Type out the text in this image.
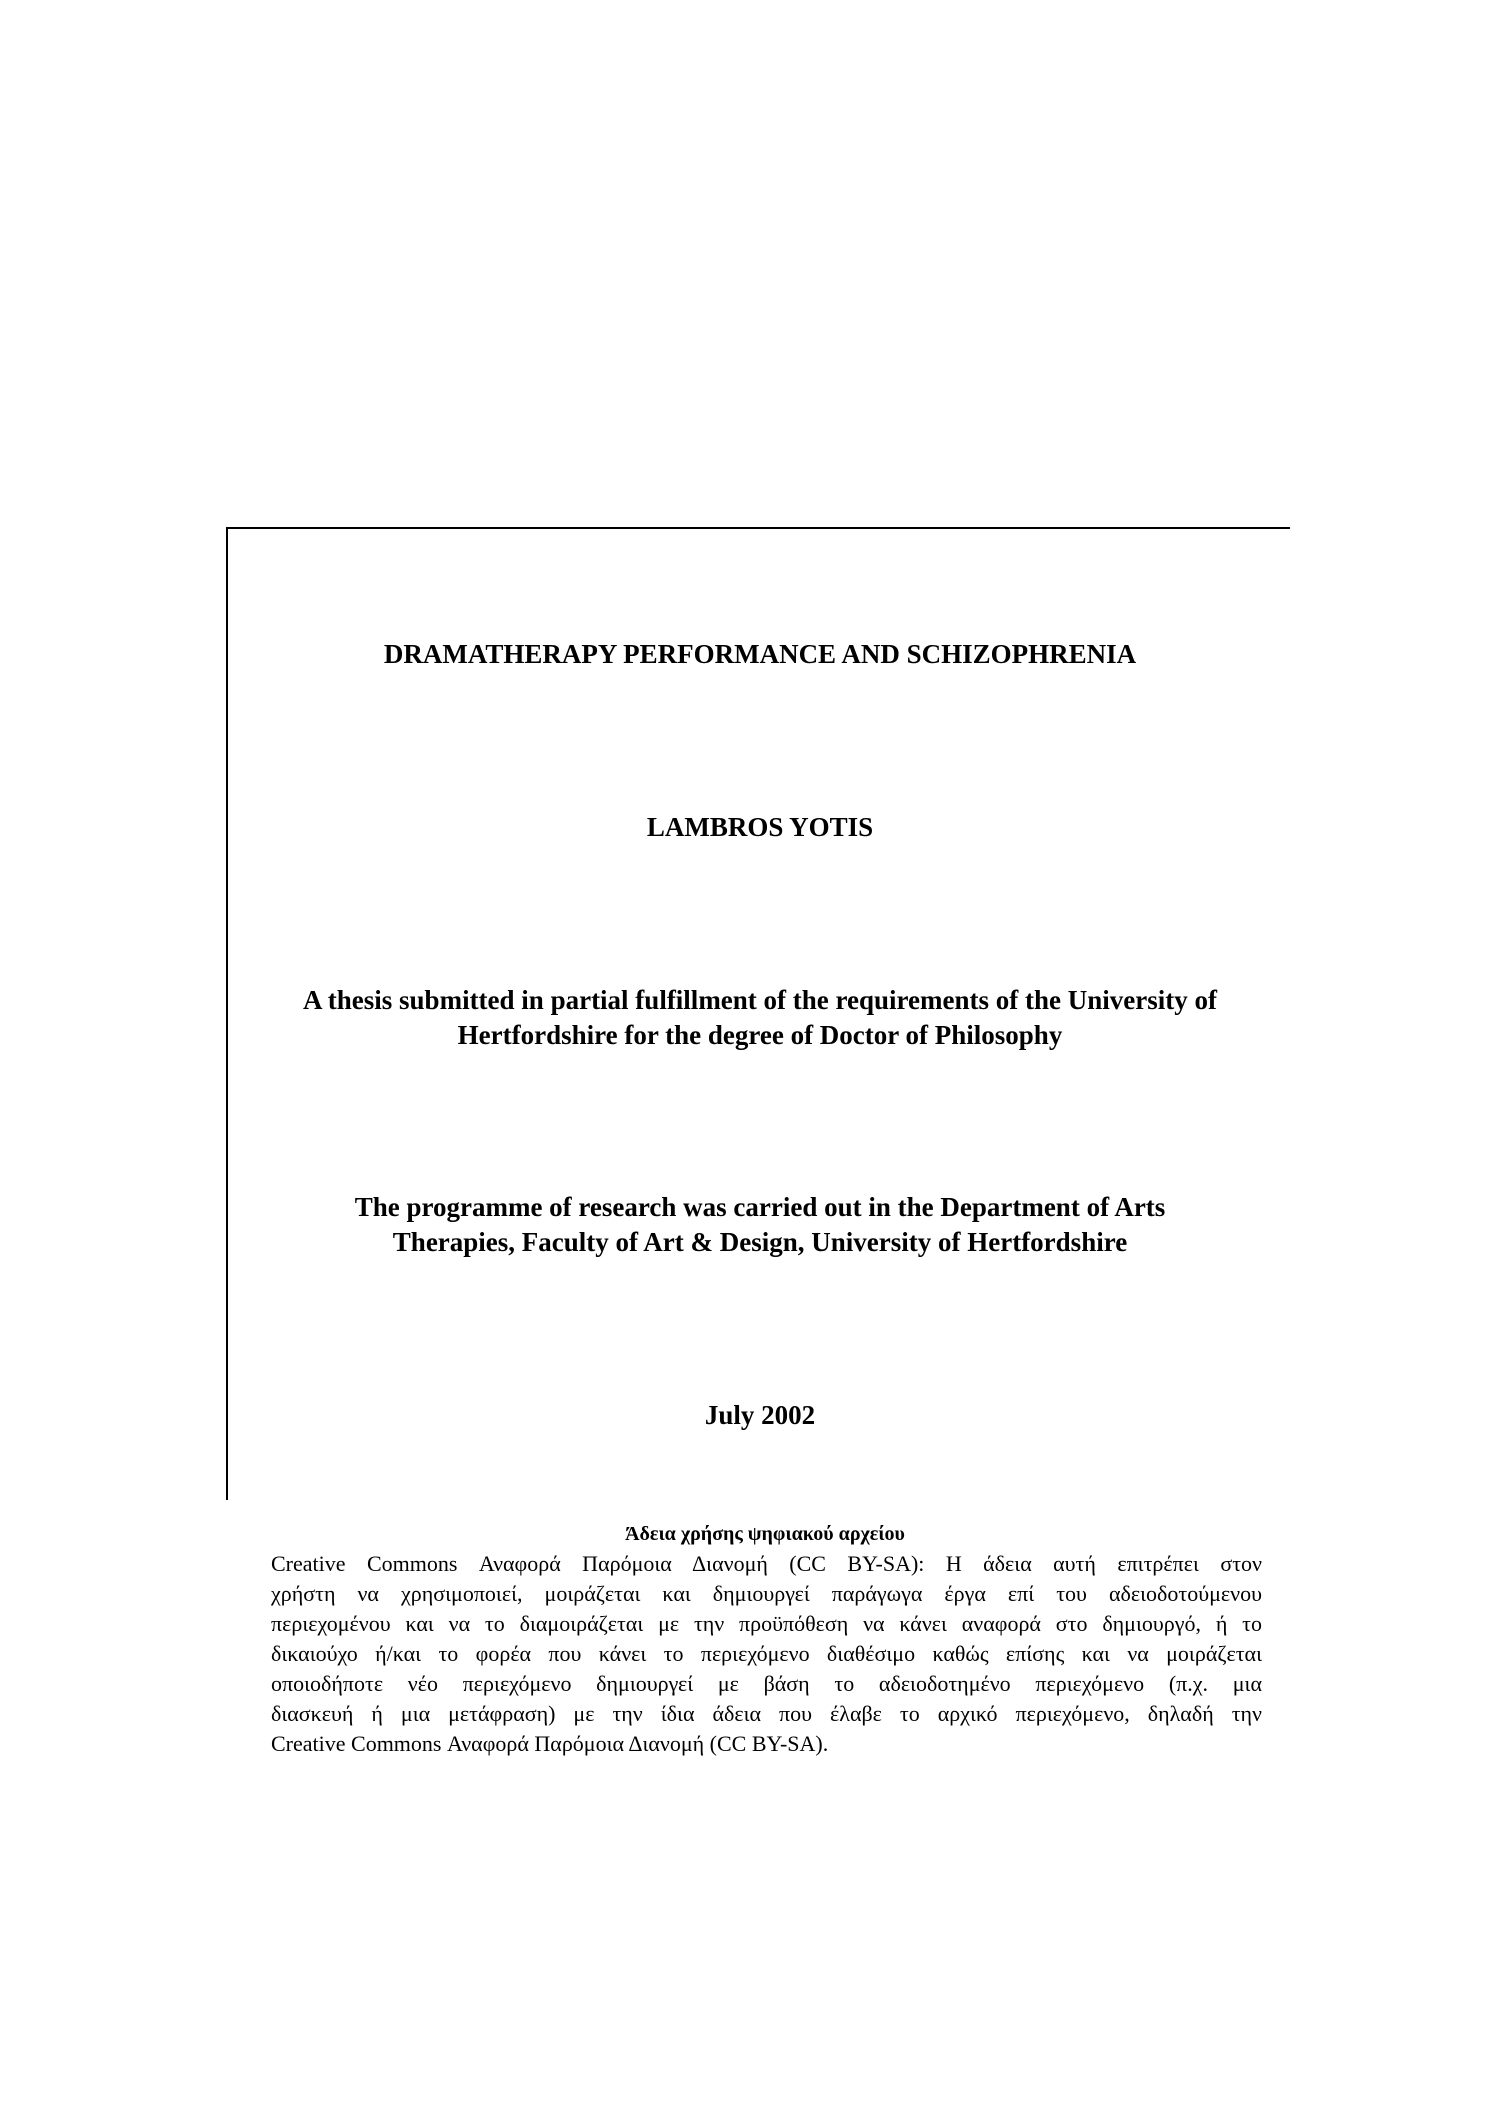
DRAMATHERAPY PERFORMANCE AND SCHIZOPHRENIA
LAMBROS YOTIS
A thesis submitted in partial fulfillment of the requirements of the University of
Hertfordshire for the degree of Doctor of Philosophy
The programme of research was carried out in the Department of Arts
Therapies, Faculty of Art & Design, University of Hertfordshire
July 2002
Άδεια χρήσης ψηφιακού αρχείου
Creative Commons Αναφορά Παρόμοια Διανομή (CC BY-SA): Η άδεια αυτή επιτρέπει στον
χρήστη να χρησιμοποιεί, μοιράζεται και δημιουργεί παράγωγα έργα επί του αδειοδοτούμενου
περιεχομένου και να το διαμοιράζεται με την προϋπόθεση να κάνει αναφορά στο δημιουργό, ή το
δικαιούχο ή/και το φορέα που κάνει το περιεχόμενο διαθέσιμο καθώς επίσης και να μοιράζεται
οποιοδήποτε νέο περιεχόμενο δημιουργεί με βάση το αδειοδοτημένο περιεχόμενο (π.χ. μια
διασκευή ή μια μετάφραση) με την ίδια άδεια που έλαβε το αρχικό περιεχόμενο, δηλαδή την
Creative Commons Αναφορά Παρόμοια Διανομή (CC BY-SA).
